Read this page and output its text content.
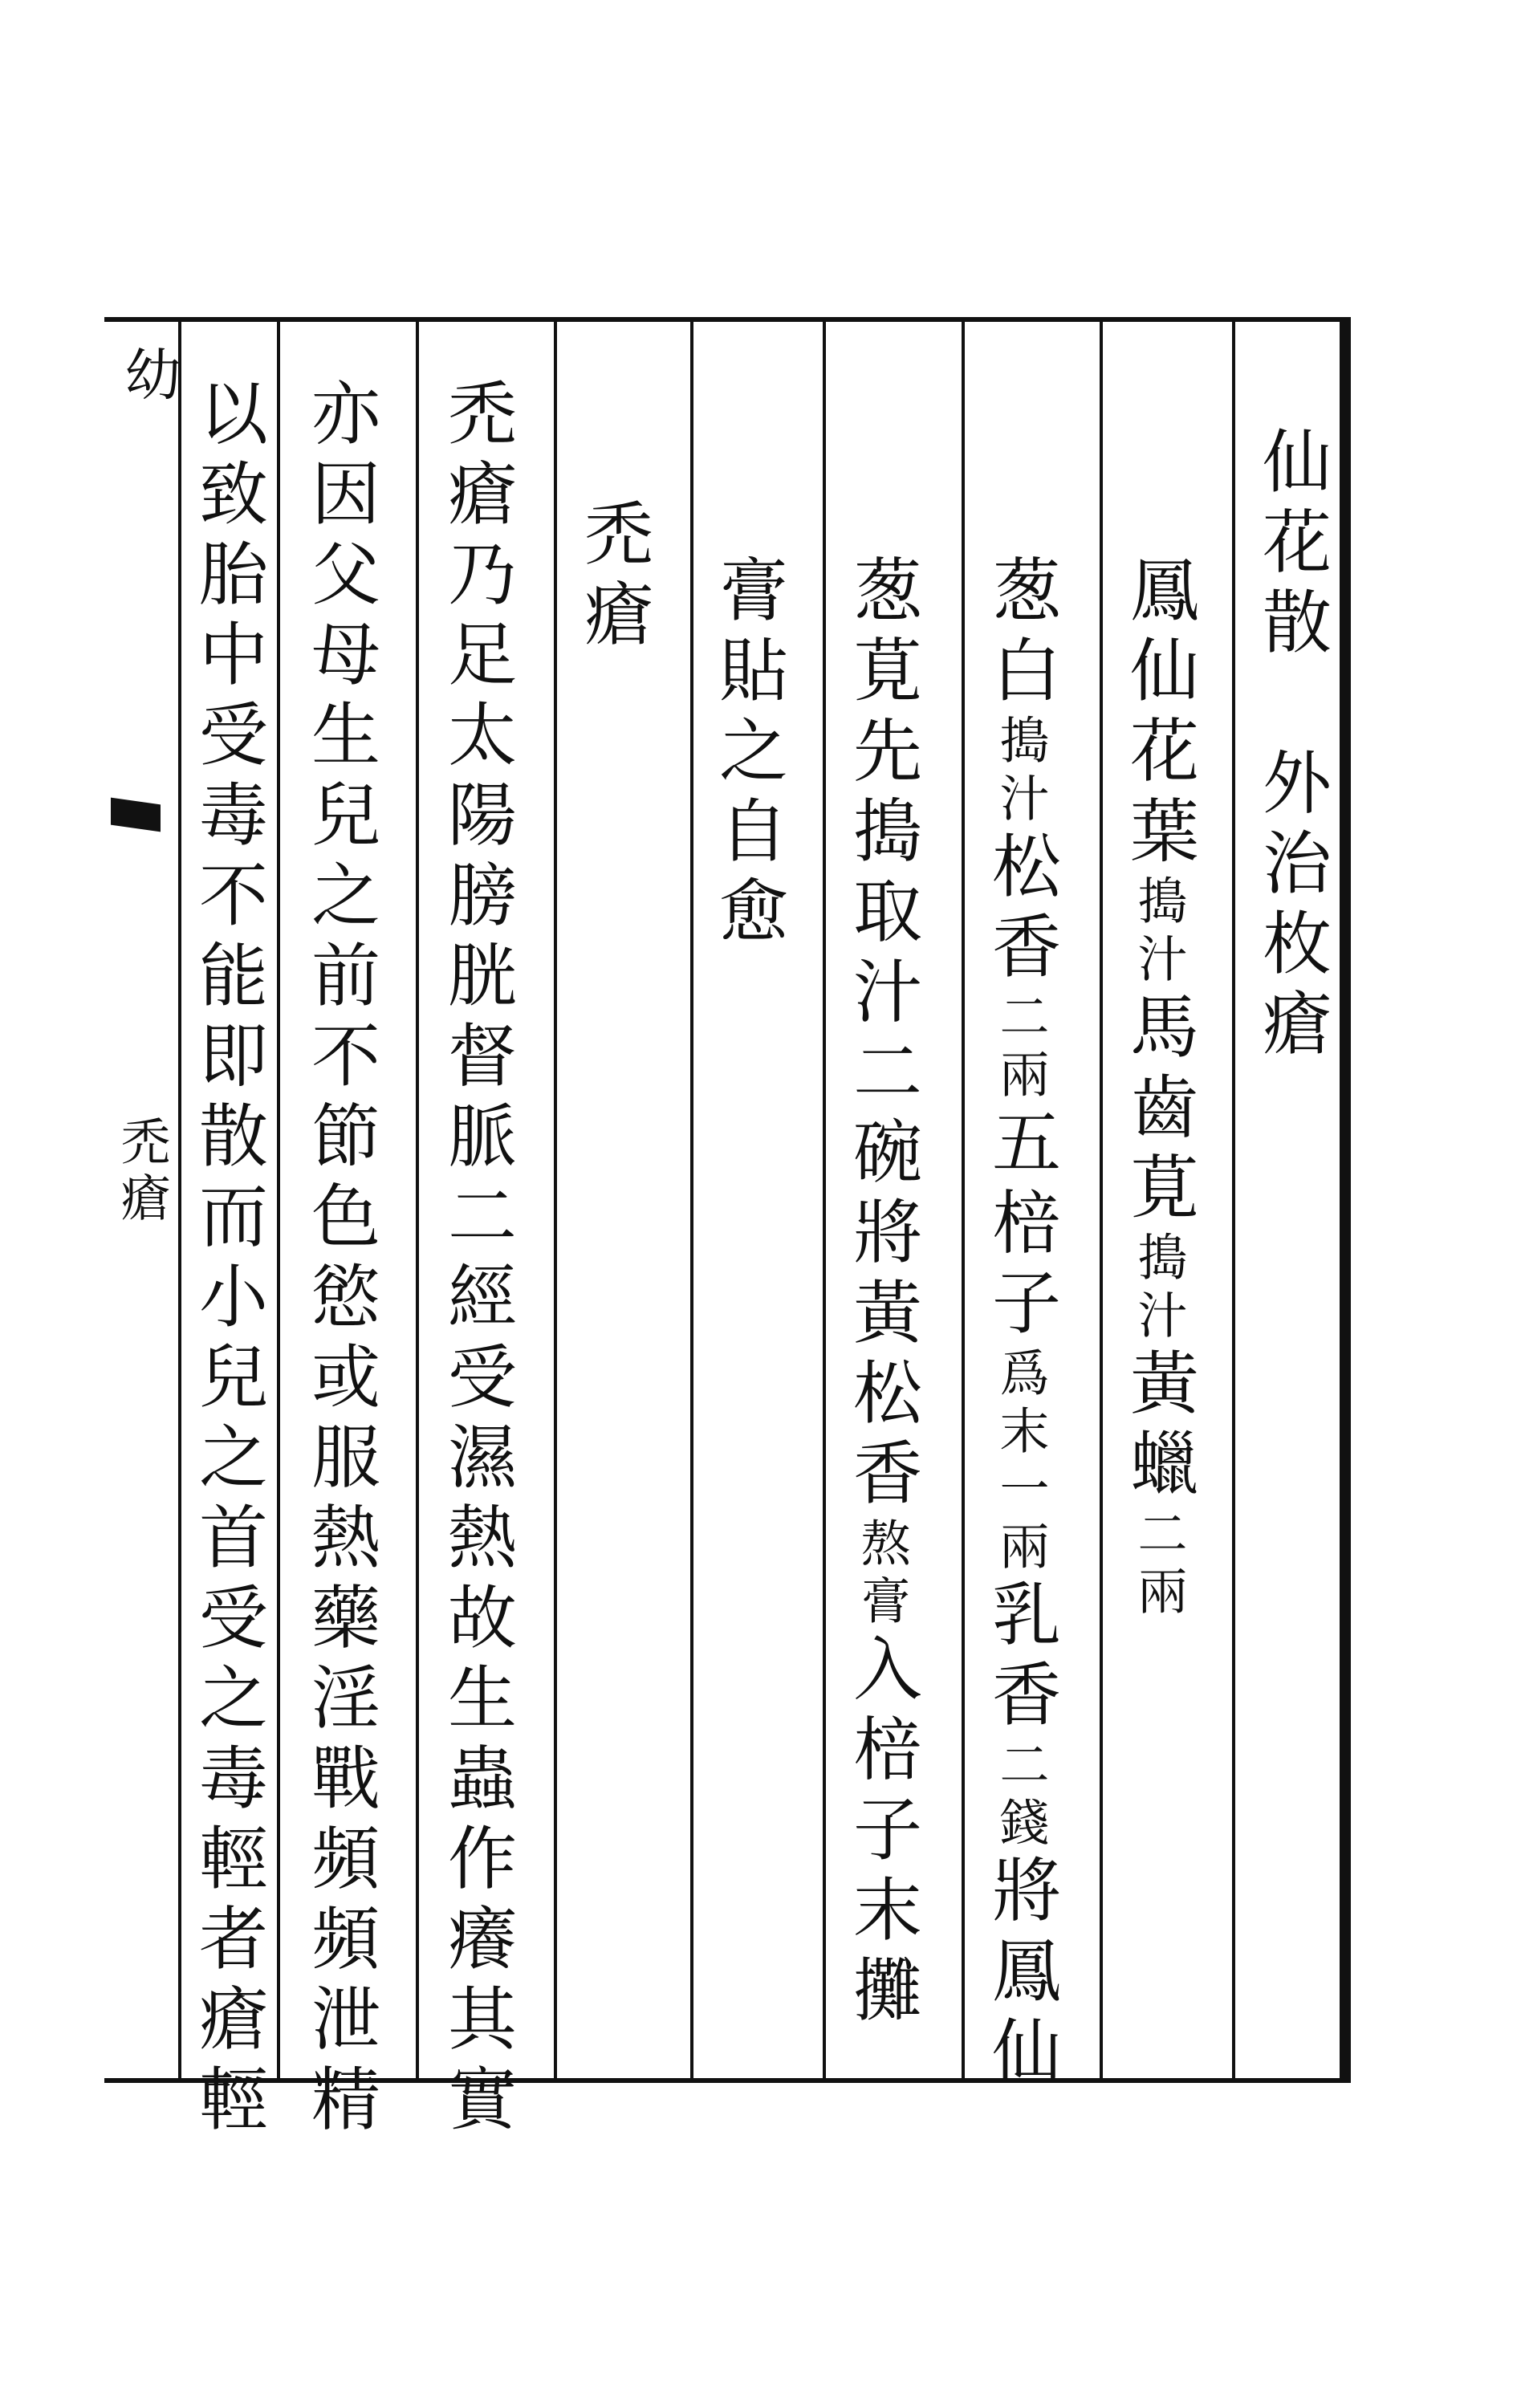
仙花散　外治枚瘡
鳳仙花葉搗汁馬齒莧搗汁黃蠟二兩
葱白搗汁松香二兩五棓子爲末一兩乳香二錢將鳳仙
葱莧先搗取汁二碗將黃松香熬膏入棓子末攤
膏貼之自愈
禿瘡
禿瘡乃足太陽膀胱督脈二經受濕熱故生蟲作癢其實
亦因父母生兒之前不節色慾或服熱藥淫戰頻頻泄精
以致胎中受毒不能即散而小兒之首受之毒輕者瘡輕
幼
禿瘡
